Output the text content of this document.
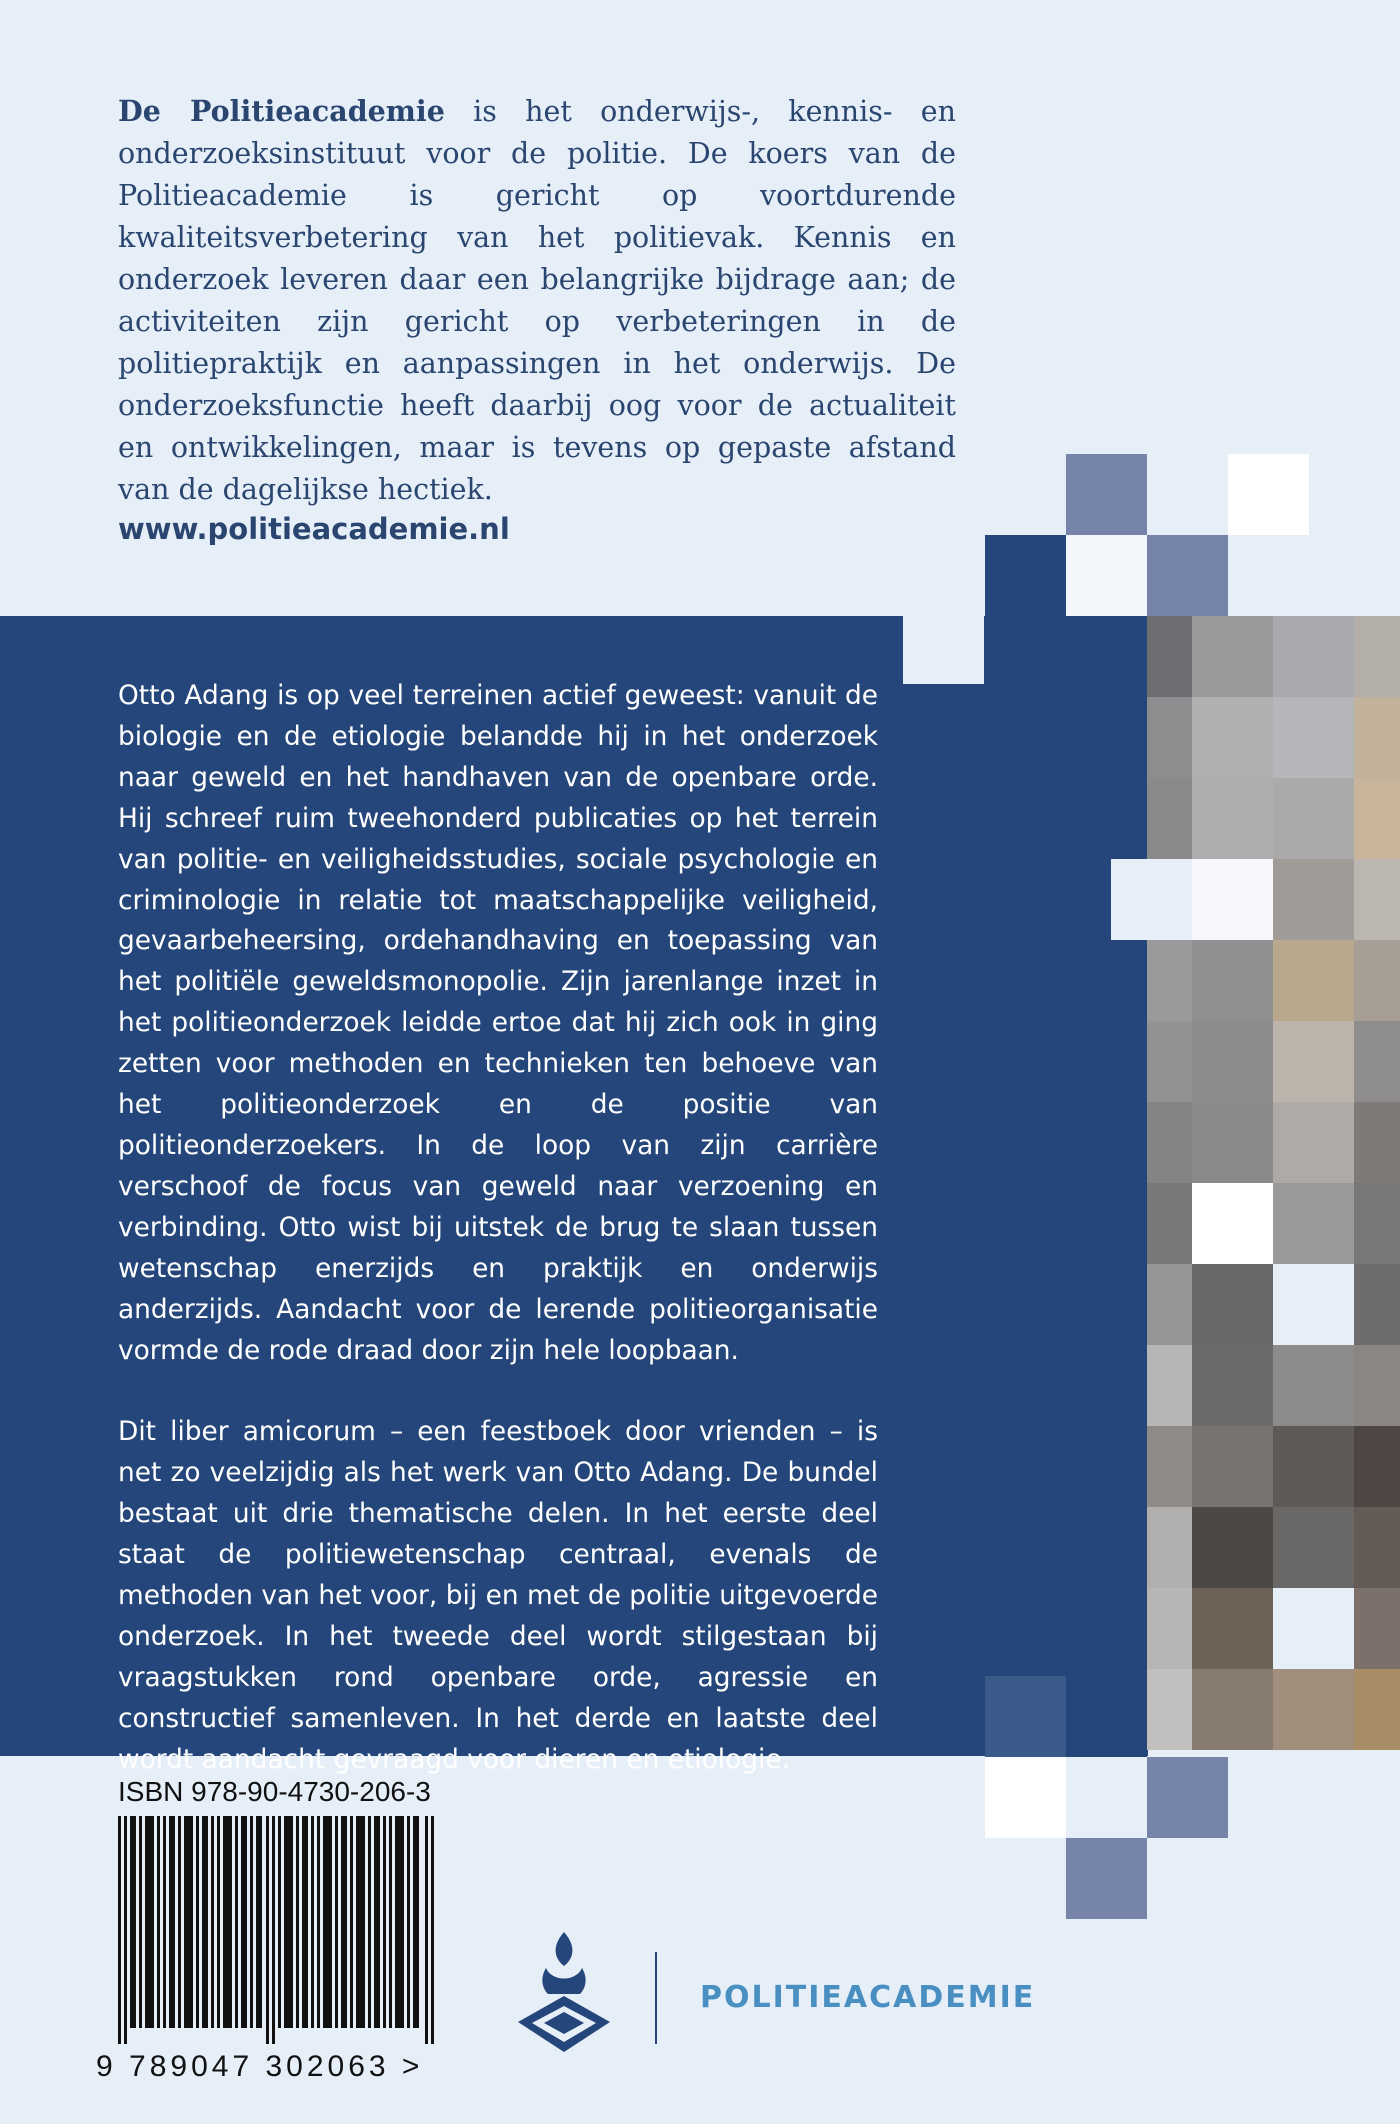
De Politieacademie is het onderwijs-, kennis- en onderzoeksinstituut voor de politie. De koers van de Politieacademie is gericht op voortdurende kwaliteitsverbetering van het politievak. Kennis en onderzoek leveren daar een belangrijke bijdrage aan; de activiteiten zijn gericht op verbeteringen in de politiepraktijk en aanpassingen in het onderwijs. De onderzoeksfunctie heeft daarbij oog voor de actualiteit en ontwikkelingen, maar is tevens op gepaste afstand van de dagelijkse hectiek.
www.politieacademie.nl

Otto Adang is op veel terreinen actief geweest: vanuit de biologie en de etiologie belandde hij in het onderzoek naar geweld en het handhaven van de openbare orde. Hij schreef ruim tweehonderd publicaties op het terrein van politie- en veiligheidsstudies, sociale psychologie en criminologie in relatie tot maatschappelijke veiligheid, gevaarbeheersing, ordehandhaving en toepassing van het politiële geweldsmonopolie. Zijn jarenlange inzet in het politieonderzoek leidde ertoe dat hij zich ook in ging zetten voor methoden en technieken ten behoeve van het politieonderzoek en de positie van politieonderzoekers. In de loop van zijn carrière verschoof de focus van geweld naar verzoening en verbinding. Otto wist bij uitstek de brug te slaan tussen wetenschap enerzijds en praktijk en onderwijs anderzijds. Aandacht voor de lerende politieorganisatie vormde de rode draad door zijn hele loopbaan.

Dit liber amicorum – een feestboek door vrienden – is net zo veelzijdig als het werk van Otto Adang. De bundel bestaat uit drie thematische delen. In het eerste deel staat de politiewetenschap centraal, evenals de methoden van het voor, bij en met de politie uitgevoerde onderzoek. In het tweede deel wordt stilgestaan bij vraagstukken rond openbare orde, agressie en constructief samenleven. In het derde en laatste deel wordt aandacht gevraagd voor dieren en etiologie.

ISBN 978-90-4730-206-3
9 789047 302063 >
POLITIEACADEMIE
